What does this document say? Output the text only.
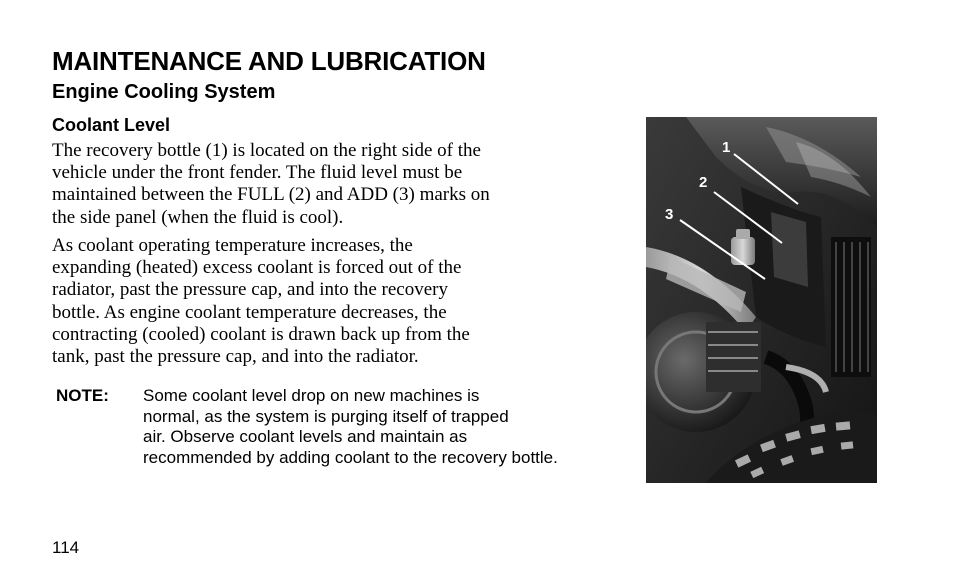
MAINTENANCE AND LUBRICATION
Engine Cooling System
Coolant Level
The recovery bottle (1) is located on the right side of the
vehicle under the front fender. The fluid level must be
maintained between the FULL (2) and ADD (3) marks on
the side panel (when the fluid is cool).
As coolant operating temperature increases, the
expanding (heated) excess coolant is forced out of the
radiator, past the pressure cap, and into the recovery
bottle. As engine coolant temperature decreases, the
contracting (cooled) coolant is drawn back up from the
tank, past the pressure cap, and into the radiator.
NOTE: Some coolant level drop on new machines is
normal, as the system is purging itself of trapped
air. Observe coolant levels and maintain as
recommended by adding coolant to the recovery bottle.
1
2
3
114
